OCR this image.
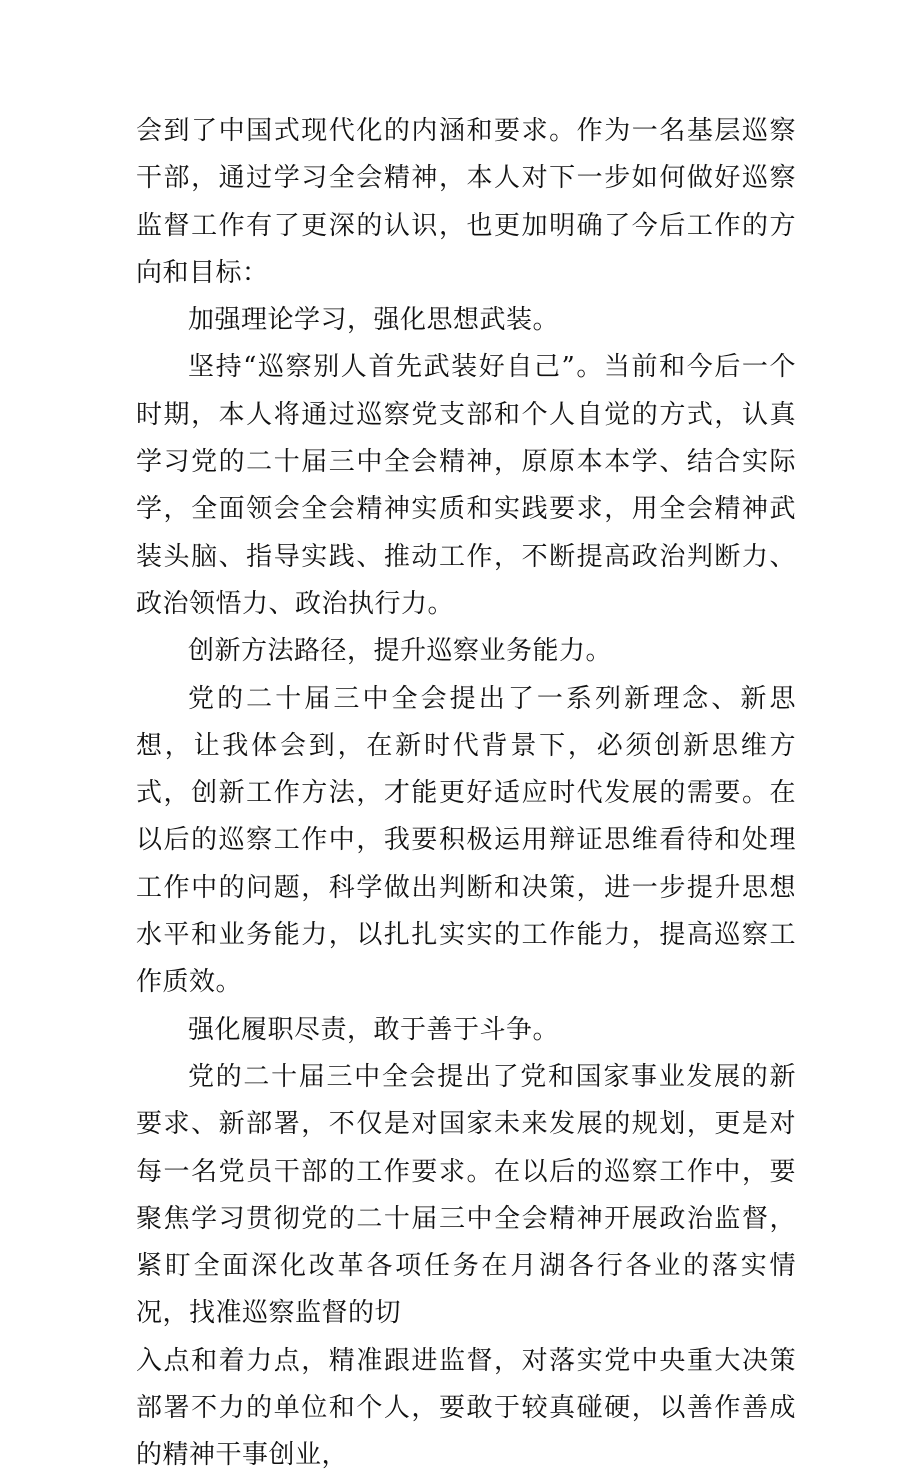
会到了中国式现代化的内涵和要求。作为一名基层巡察干部，通过学习全会精神，本人对下一步如何做好巡察监督工作有了更深的认识，也更加明确了今后工作的方向和目标：

加强理论学习，强化思想武装。

坚持“巡察别人首先武装好自己”。当前和今后一个时期，本人将通过巡察党支部和个人自觉的方式，认真学习党的二十届三中全会精神，原原本本学、结合实际学，全面领会全会精神实质和实践要求，用全会精神武装头脑、指导实践、推动工作，不断提高政治判断力、政治领悟力、政治执行力。

创新方法路径，提升巡察业务能力。

党的二十届三中全会提出了一系列新理念、新思想，让我体会到，在新时代背景下，必须创新思维方式，创新工作方法，才能更好适应时代发展的需要。在以后的巡察工作中，我要积极运用辩证思维看待和处理工作中的问题，科学做出判断和决策，进一步提升思想水平和业务能力，以扎扎实实的工作能力，提高巡察工作质效。

强化履职尽责，敢于善于斗争。

党的二十届三中全会提出了党和国家事业发展的新要求、新部署，不仅是对国家未来发展的规划，更是对每一名党员干部的工作要求。在以后的巡察工作中，要聚焦学习贯彻党的二十届三中全会精神开展政治监督，紧盯全面深化改革各项任务在月湖各行各业的落实情况，找准巡察监督的切

入点和着力点，精准跟进监督，对落实党中央重大决策部署不力的单位和个人，要敢于较真碰硬，以善作善成的精神干事创业，
